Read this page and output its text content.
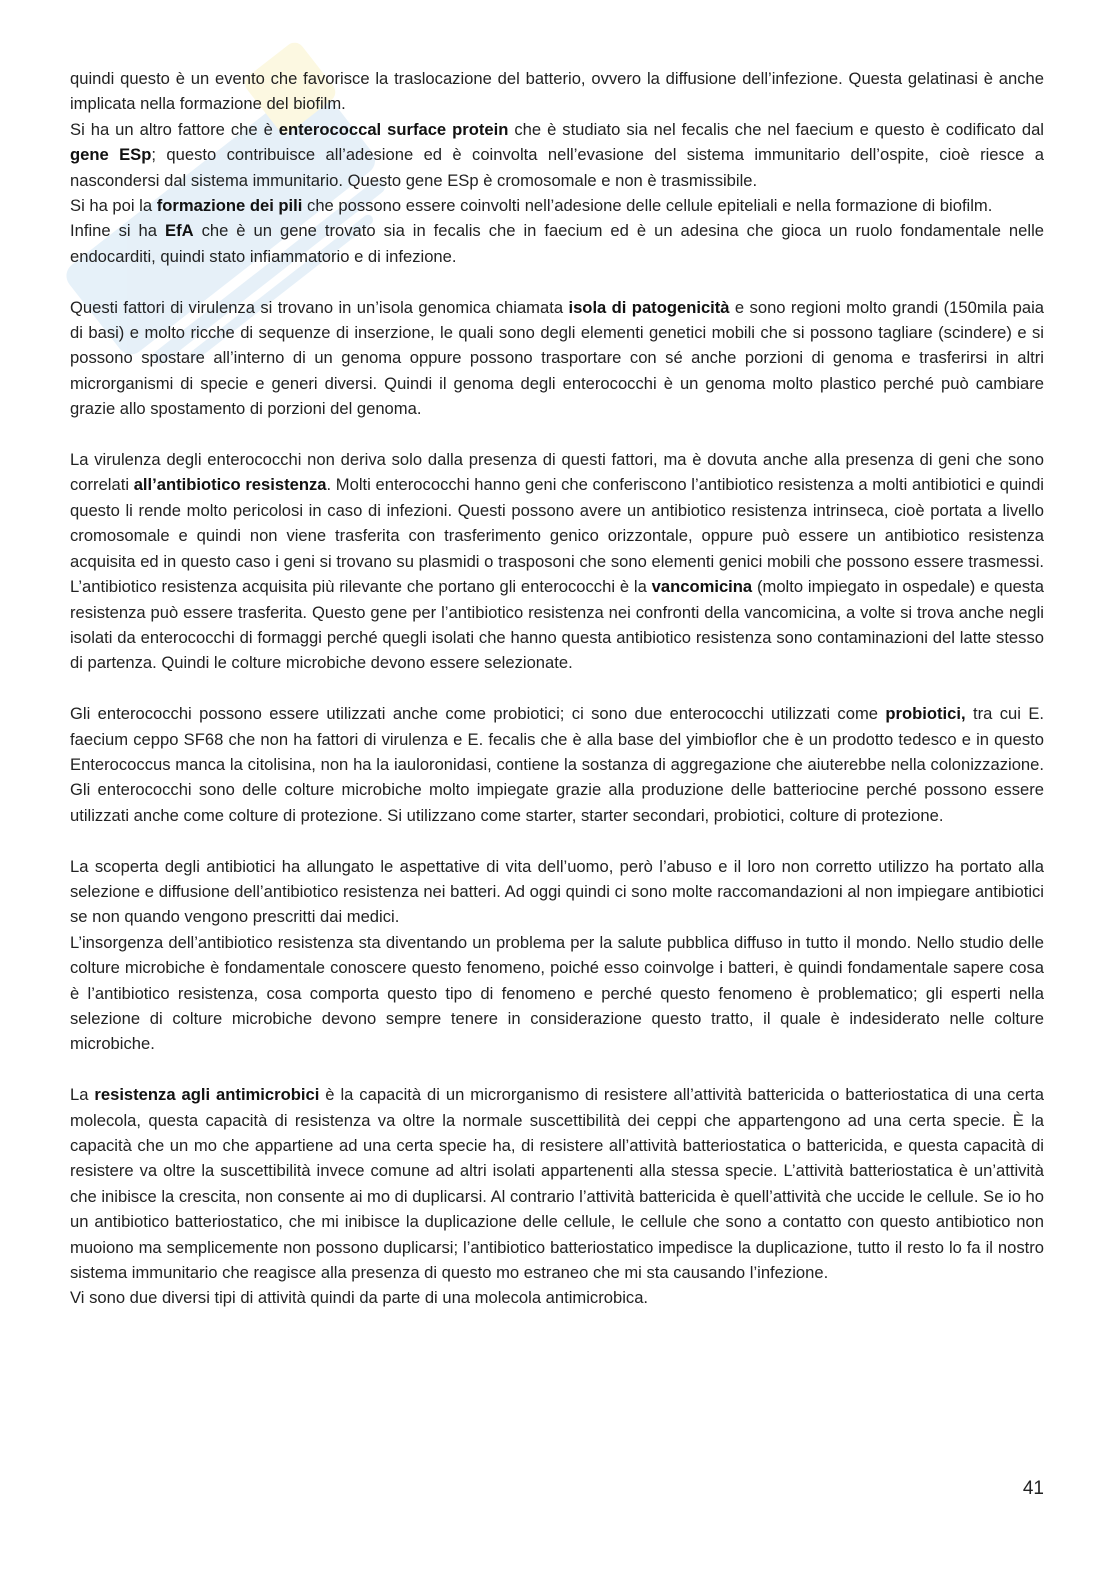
quindi questo è un evento che favorisce la traslocazione del batterio, ovvero la diffusione dell’infezione. Questa gelatinasi è anche implicata nella formazione del biofilm.

Si ha un altro fattore che è enterococcal surface protein che è studiato sia nel fecalis che nel faecium e questo è codificato dal gene ESp; questo contribuisce all’adesione ed è coinvolta nell’evasione del sistema immunitario dell’ospite, cioè riesce a nascondersi dal sistema immunitario. Questo gene ESp è cromosomale e non è trasmissibile.

Si ha poi la formazione dei pili che possono essere coinvolti nell’adesione delle cellule epiteliali e nella formazione di biofilm.

Infine si ha EfA che è un gene trovato sia in fecalis che in faecium ed è un adesina che gioca un ruolo fondamentale nelle endocarditi, quindi stato infiammatorio e di infezione.

Questi fattori di virulenza si trovano in un’isola genomica chiamata isola di patogenicità e sono regioni molto grandi (150mila paia di basi) e molto ricche di sequenze di inserzione, le quali sono degli elementi genetici mobili che si possono tagliare (scindere) e si possono spostare all’interno di un genoma oppure possono trasportare con sé anche porzioni di genoma e trasferirsi in altri microrganismi di specie e generi diversi. Quindi il genoma degli enterococchi è un genoma molto plastico perché può cambiare grazie allo spostamento di porzioni del genoma.

La virulenza degli enterococchi non deriva solo dalla presenza di questi fattori, ma è dovuta anche alla presenza di geni che sono correlati all’antibiotico resistenza. Molti enterococchi hanno geni che conferiscono l’antibiotico resistenza a molti antibiotici e quindi questo li rende molto pericolosi in caso di infezioni. Questi possono avere un antibiotico resistenza intrinseca, cioè portata a livello cromosomale e quindi non viene trasferita con trasferimento genico orizzontale, oppure può essere un antibiotico resistenza acquisita ed in questo caso i geni si trovano su plasmidi o trasposoni che sono elementi genici mobili che possono essere trasmessi. L’antibiotico resistenza acquisita più rilevante che portano gli enterococchi è la vancomicina (molto impiegato in ospedale) e questa resistenza può essere trasferita. Questo gene per l’antibiotico resistenza nei confronti della vancomicina, a volte si trova anche negli isolati da enterococchi di formaggi perché quegli isolati che hanno questa antibiotico resistenza sono contaminazioni del latte stesso di partenza. Quindi le colture microbiche devono essere selezionate.

Gli enterococchi possono essere utilizzati anche come probiotici; ci sono due enterococchi utilizzati come probiotici, tra cui E. faecium ceppo SF68 che non ha fattori di virulenza e E. fecalis che è alla base del yimbioflor che è un prodotto tedesco e in questo Enterococcus manca la citolisina, non ha la iauloronidasi, contiene la sostanza di aggregazione che aiuterebbe nella colonizzazione. Gli enterococchi sono delle colture microbiche molto impiegate grazie alla produzione delle batteriocine perché possono essere utilizzati anche come colture di protezione. Si utilizzano come starter, starter secondari, probiotici, colture di protezione.

La scoperta degli antibiotici ha allungato le aspettative di vita dell’uomo, però l’abuso e il loro non corretto utilizzo ha portato alla selezione e diffusione dell’antibiotico resistenza nei batteri. Ad oggi quindi ci sono molte raccomandazioni al non impiegare antibiotici se non quando vengono prescritti dai medici.

L’insorgenza dell’antibiotico resistenza sta diventando un problema per la salute pubblica diffuso in tutto il mondo. Nello studio delle colture microbiche è fondamentale conoscere questo fenomeno, poiché esso coinvolge i batteri, è quindi fondamentale sapere cosa è l’antibiotico resistenza, cosa comporta questo tipo di fenomeno e perché questo fenomeno è problematico; gli esperti nella selezione di colture microbiche devono sempre tenere in considerazione questo tratto, il quale è indesiderato nelle colture microbiche.

La resistenza agli antimicrobici è la capacità di un microrganismo di resistere all’attività battericida o batteriostatica di una certa molecola, questa capacità di resistenza va oltre la normale suscettibilità dei ceppi che appartengono ad una certa specie. È la capacità che un mo che appartiene ad una certa specie ha, di resistere all’attività batteriostatica o battericida, e questa capacità di resistere va oltre la suscettibilità invece comune ad altri isolati appartenenti alla stessa specie. L’attività batteriostatica è un’attività che inibisce la crescita, non consente ai mo di duplicarsi. Al contrario l’attività battericida è quell’attività che uccide le cellule. Se io ho un antibiotico batteriostatico, che mi inibisce la duplicazione delle cellule, le cellule che sono a contatto con questo antibiotico non muoiono ma semplicemente non possono duplicarsi; l’antibiotico batteriostatico impedisce la duplicazione, tutto il resto lo fa il nostro sistema immunitario che reagisce alla presenza di questo mo estraneo che mi sta causando l’infezione.

Vi sono due diversi tipi di attività quindi da parte di una molecola antimicrobica.

41
